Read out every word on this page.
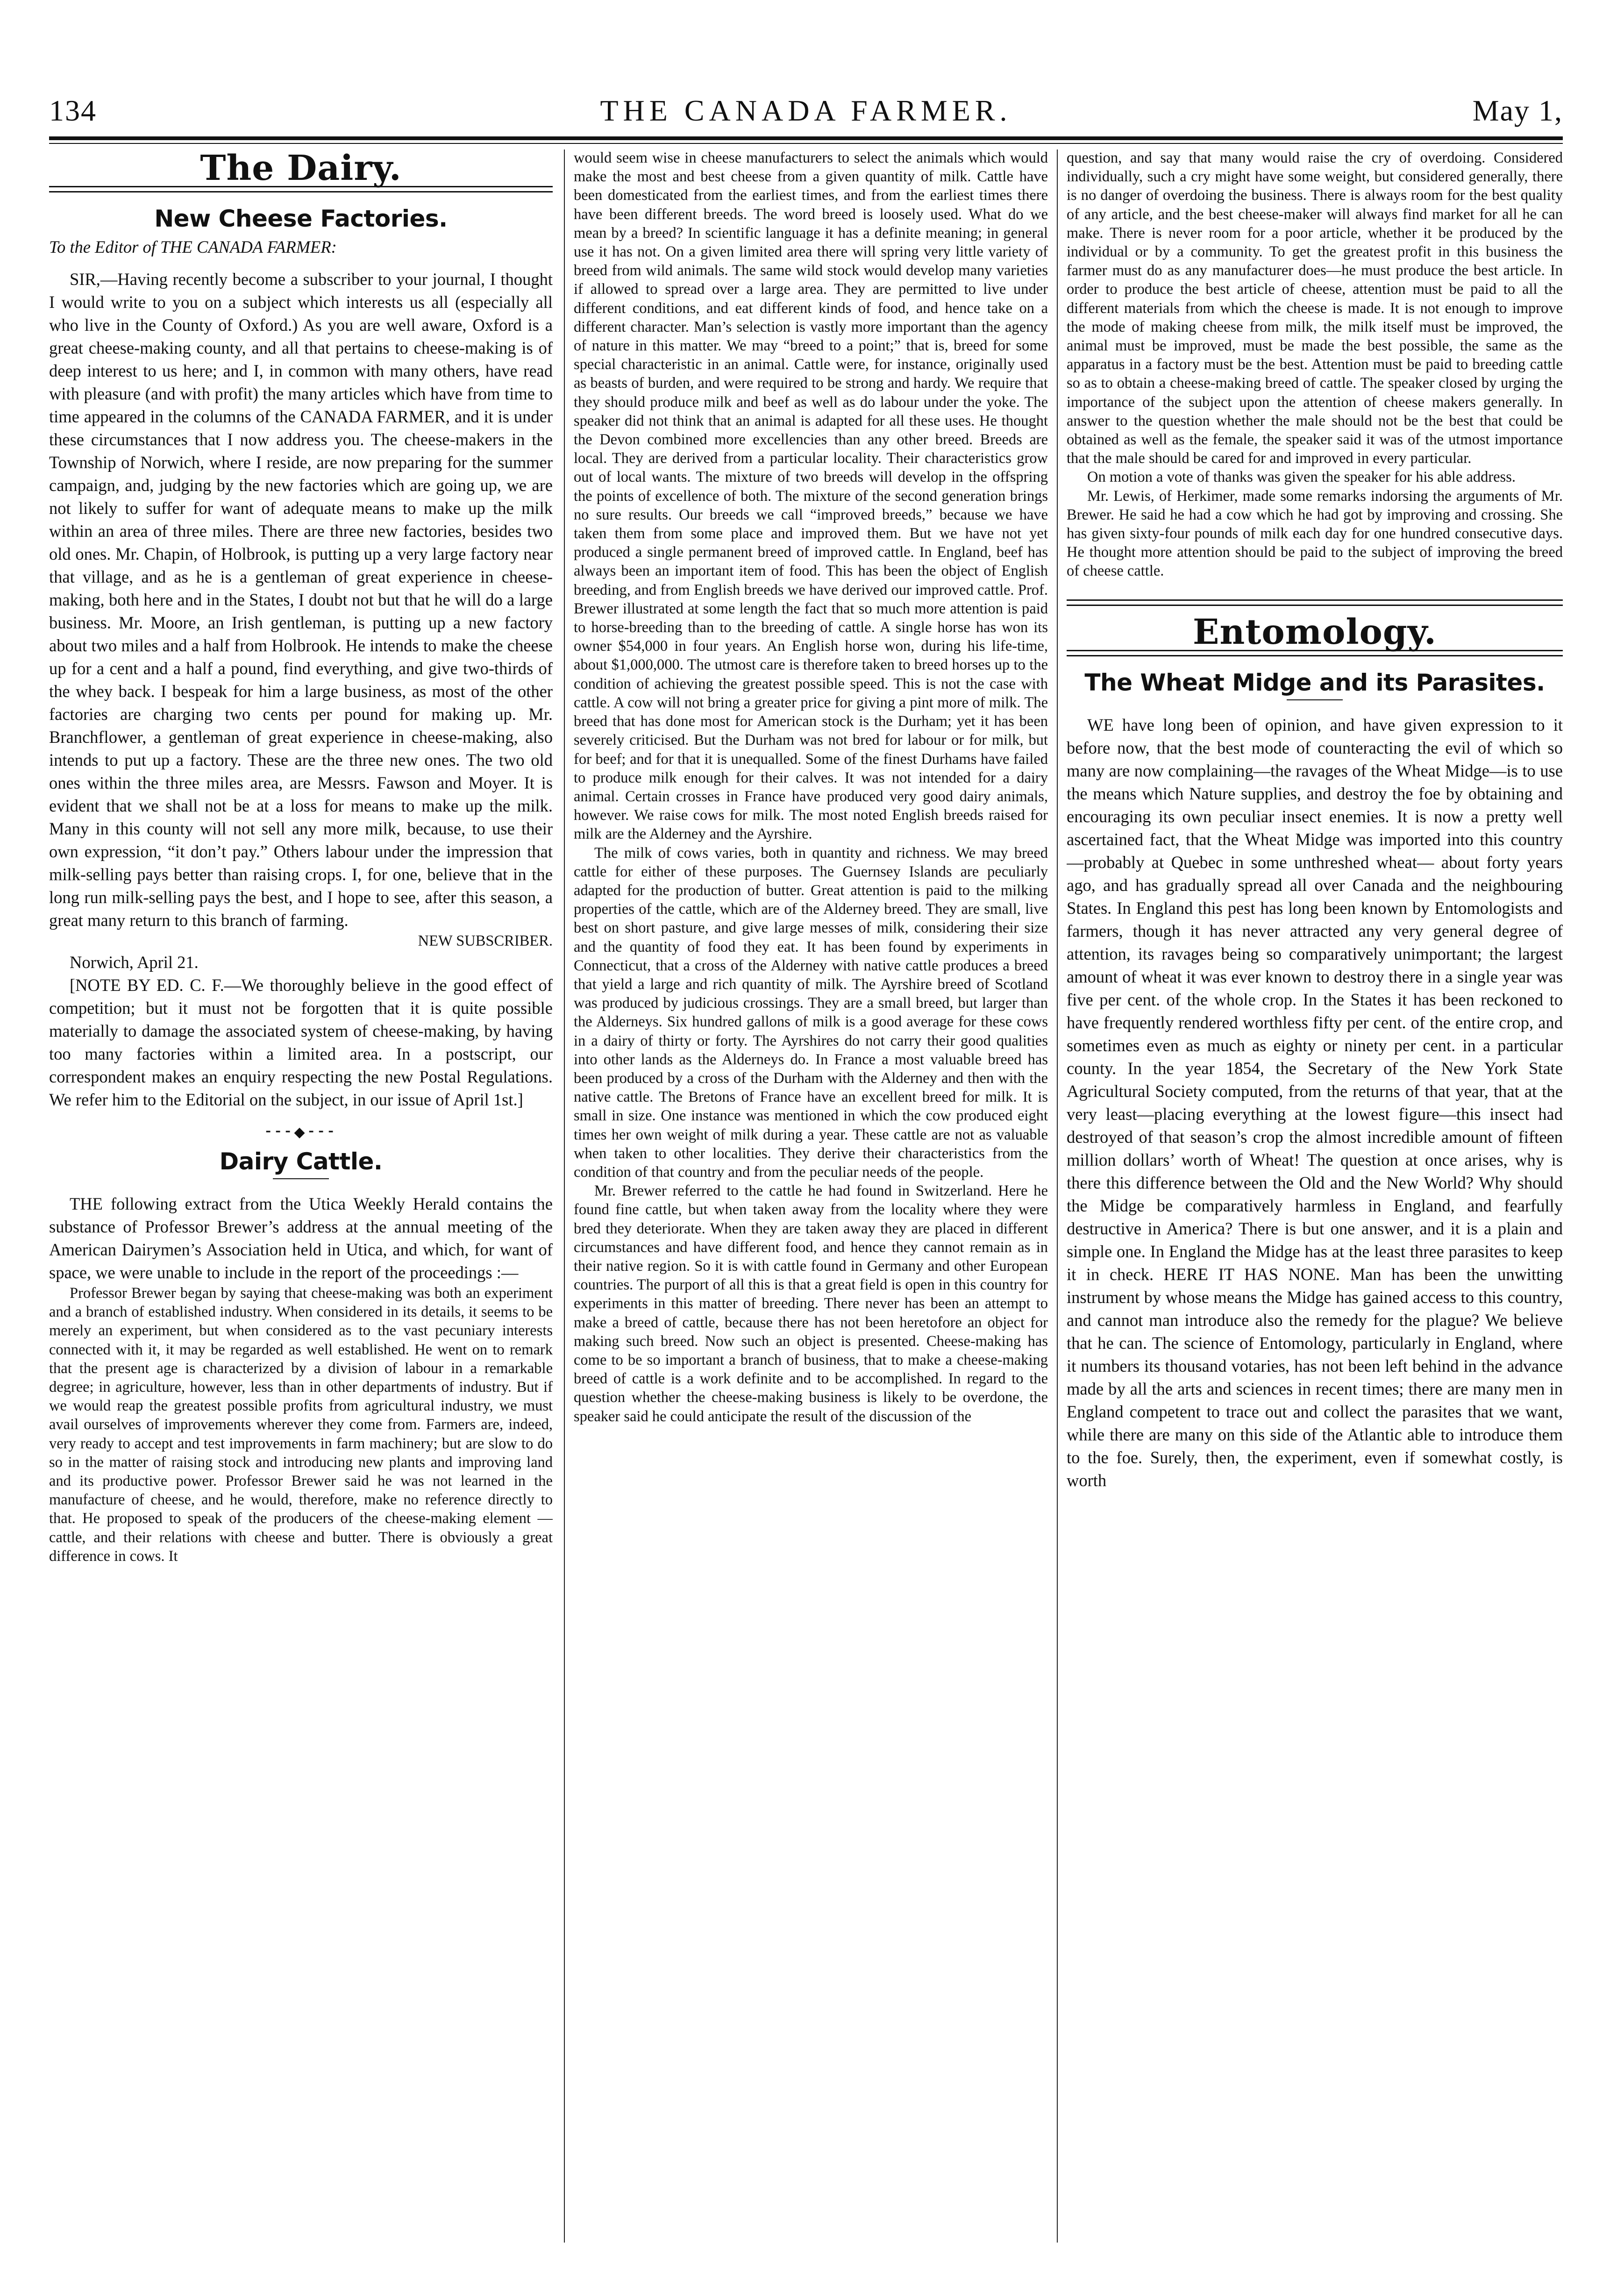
134	THE CANADA FARMER.	May 1,
The Dairy.
New Cheese Factories.

To the Editor of THE CANADA FARMER:

SIR,—Having recently become a subscriber to your journal, I thought I would write to you on a subject which interests us all (especially all who live in the County of Oxford.) As you are well aware, Oxford is a great cheese-making county, and all that pertains to cheese-making is of deep interest to us here; and I, in common with many others, have read with pleasure (and with profit) the many articles which have from time to time appeared in the columns of the CANADA FARMER, and it is under these circumstances that I now address you. The cheese-makers in the Township of Norwich, where I reside, are now preparing for the summer campaign, and, judging by the new factories which are going up, we are not likely to suffer for want of adequate means to make up the milk within an area of three miles. There are three new factories, besides two old ones. Mr. Chapin, of Holbrook, is putting up a very large factory near that village, and as he is a gentleman of great experience in cheese-making, both here and in the States, I doubt not but that he will do a large business. Mr. Moore, an Irish gentleman, is putting up a new factory about two miles and a half from Holbrook. He intends to make the cheese up for a cent and a half a pound, find everything, and give two-thirds of the whey back. I bespeak for him a large business, as most of the other factories are charging two cents per pound for making up. Mr. Branchflower, a gentleman of great experience in cheese-making, also intends to put up a factory. These are the three new ones. The two old ones within the three miles area, are Messrs. Fawson and Moyer. It is evident that we shall not be at a loss for means to make up the milk. Many in this county will not sell any more milk, because, to use their own expression, “it don’t pay.” Others labour under the impression that milk-selling pays better than raising crops. I, for one, believe that in the long run milk-selling pays the best, and I hope to see, after this season, a great many return to this branch of farming.

NEW SUBSCRIBER.

Norwich, April 21.

[NOTE BY ED. C. F.—We thoroughly believe in the good effect of competition; but it must not be forgotten that it is quite possible materially to damage the associated system of cheese-making, by having too many factories within a limited area. In a postscript, our correspondent makes an enquiry respecting the new Postal Regulations. We refer him to the Editorial on the subject, in our issue of April 1st.]

⁃⁃⁃◆⁃⁃⁃
Dairy Cattle.

THE following extract from the Utica Weekly Herald contains the substance of Professor Brewer’s address at the annual meeting of the American Dairymen’s Association held in Utica, and which, for want of space, we were unable to include in the report of the proceedings :—

Professor Brewer began by saying that cheese-making was both an experiment and a branch of established industry. When considered in its details, it seems to be merely an experiment, but when considered as to the vast pecuniary interests connected with it, it may be regarded as well established. He went on to remark that the present age is characterized by a division of labour in a remarkable degree; in agriculture, however, less than in other departments of industry. But if we would reap the greatest possible profits from agricultural industry, we must avail ourselves of improvements wherever they come from. Farmers are, indeed, very ready to accept and test improvements in farm machinery; but are slow to do so in the matter of raising stock and introducing new plants and improving land and its productive power. Professor Brewer said he was not learned in the manufacture of cheese, and he would, therefore, make no reference directly to that. He proposed to speak of the producers of the cheese-making element —cattle, and their relations with cheese and butter. There is obviously a great difference in cows. It

would seem wise in cheese manufacturers to select the animals which would make the most and best cheese from a given quantity of milk. Cattle have been domesticated from the earliest times, and from the earliest times there have been different breeds. The word breed is loosely used. What do we mean by a breed? In scientific language it has a definite meaning; in general use it has not. On a given limited area there will spring very little variety of breed from wild animals. The same wild stock would develop many varieties if allowed to spread over a large area. They are permitted to live under different conditions, and eat different kinds of food, and hence take on a different character. Man’s selection is vastly more important than the agency of nature in this matter. We may “breed to a point;” that is, breed for some special characteristic in an animal. Cattle were, for instance, originally used as beasts of burden, and were required to be strong and hardy. We require that they should produce milk and beef as well as do labour under the yoke. The speaker did not think that an animal is adapted for all these uses. He thought the Devon combined more excellencies than any other breed. Breeds are local. They are derived from a particular locality. Their characteristics grow out of local wants. The mixture of two breeds will develop in the offspring the points of excellence of both. The mixture of the second generation brings no sure results. Our breeds we call “improved breeds,” because we have taken them from some place and improved them. But we have not yet produced a single permanent breed of improved cattle. In England, beef has always been an important item of food. This has been the object of English breeding, and from English breeds we have derived our improved cattle. Prof. Brewer illustrated at some length the fact that so much more attention is paid to horse-breeding than to the breeding of cattle. A single horse has won its owner $54,000 in four years. An English horse won, during his life-time, about $1,000,000. The utmost care is therefore taken to breed horses up to the condition of achieving the greatest possible speed. This is not the case with cattle. A cow will not bring a greater price for giving a pint more of milk. The breed that has done most for American stock is the Durham; yet it has been severely criticised. But the Durham was not bred for labour or for milk, but for beef; and for that it is unequalled. Some of the finest Durhams have failed to produce milk enough for their calves. It was not intended for a dairy animal. Certain crosses in France have produced very good dairy animals, however. We raise cows for milk. The most noted English breeds raised for milk are the Alderney and the Ayrshire.

The milk of cows varies, both in quantity and richness. We may breed cattle for either of these purposes. The Guernsey Islands are peculiarly adapted for the production of butter. Great attention is paid to the milking properties of the cattle, which are of the Alderney breed. They are small, live best on short pasture, and give large messes of milk, considering their size and the quantity of food they eat. It has been found by experiments in Connecticut, that a cross of the Alderney with native cattle produces a breed that yield a large and rich quantity of milk. The Ayrshire breed of Scotland was produced by judicious crossings. They are a small breed, but larger than the Alderneys. Six hundred gallons of milk is a good average for these cows in a dairy of thirty or forty. The Ayrshires do not carry their good qualities into other lands as the Alderneys do. In France a most valuable breed has been produced by a cross of the Durham with the Alderney and then with the native cattle. The Bretons of France have an excellent breed for milk. It is small in size. One instance was mentioned in which the cow produced eight times her own weight of milk during a year. These cattle are not as valuable when taken to other localities. They derive their characteristics from the condition of that country and from the peculiar needs of the people.

Mr. Brewer referred to the cattle he had found in Switzerland. Here he found fine cattle, but when taken away from the locality where they were bred they deteriorate. When they are taken away they are placed in different circumstances and have different food, and hence they cannot remain as in their native region. So it is with cattle found in Germany and other European countries. The purport of all this is that a great field is open in this country for experiments in this matter of breeding. There never has been an attempt to make a breed of cattle, because there has not been heretofore an object for making such breed. Now such an object is presented. Cheese-making has come to be so important a branch of business, that to make a cheese-making breed of cattle is a work definite and to be accomplished. In regard to the question whether the cheese-making business is likely to be overdone, the speaker said he could anticipate the result of the discussion of the

question, and say that many would raise the cry of overdoing. Considered individually, such a cry might have some weight, but considered generally, there is no danger of overdoing the business. There is always room for the best quality of any article, and the best cheese-maker will always find market for all he can make. There is never room for a poor article, whether it be produced by the individual or by a community. To get the greatest profit in this business the farmer must do as any manufacturer does—he must produce the best article. In order to produce the best article of cheese, attention must be paid to all the different materials from which the cheese is made. It is not enough to improve the mode of making cheese from milk, the milk itself must be improved, the animal must be improved, must be made the best possible, the same as the apparatus in a factory must be the best. Attention must be paid to breeding cattle so as to obtain a cheese-making breed of cattle. The speaker closed by urging the importance of the subject upon the attention of cheese makers generally. In answer to the question whether the male should not be the best that could be obtained as well as the female, the speaker said it was of the utmost importance that the male should be cared for and improved in every particular.

On motion a vote of thanks was given the speaker for his able address.

Mr. Lewis, of Herkimer, made some remarks indorsing the arguments of Mr. Brewer. He said he had a cow which he had got by improving and crossing. She has given sixty-four pounds of milk each day for one hundred consecutive days. He thought more attention should be paid to the subject of improving the breed of cheese cattle.

Entomology.
The Wheat Midge and its Parasites.

WE have long been of opinion, and have given expression to it before now, that the best mode of counteracting the evil of which so many are now complaining—the ravages of the Wheat Midge—is to use the means which Nature supplies, and destroy the foe by obtaining and encouraging its own peculiar insect enemies. It is now a pretty well ascertained fact, that the Wheat Midge was imported into this country —probably at Quebec in some unthreshed wheat— about forty years ago, and has gradually spread all over Canada and the neighbouring States. In England this pest has long been known by Entomologists and farmers, though it has never attracted any very general degree of attention, its ravages being so comparatively unimportant; the largest amount of wheat it was ever known to destroy there in a single year was five per cent. of the whole crop. In the States it has been reckoned to have frequently rendered worthless fifty per cent. of the entire crop, and sometimes even as much as eighty or ninety per cent. in a particular county. In the year 1854, the Secretary of the New York State Agricultural Society computed, from the returns of that year, that at the very least—placing everything at the lowest figure—this insect had destroyed of that season’s crop the almost incredible amount of fifteen million dollars’ worth of Wheat! The question at once arises, why is there this difference between the Old and the New World? Why should the Midge be comparatively harmless in England, and fearfully destructive in America? There is but one answer, and it is a plain and simple one. In England the Midge has at the least three parasites to keep it in check. HERE IT HAS NONE. Man has been the unwitting instrument by whose means the Midge has gained access to this country, and cannot man introduce also the remedy for the plague? We believe that he can. The science of Entomology, particularly in England, where it numbers its thousand votaries, has not been left behind in the advance made by all the arts and sciences in recent times; there are many men in England competent to trace out and collect the parasites that we want, while there are many on this side of the Atlantic able to introduce them to the foe. Surely, then, the experiment, even if somewhat costly, is worth
